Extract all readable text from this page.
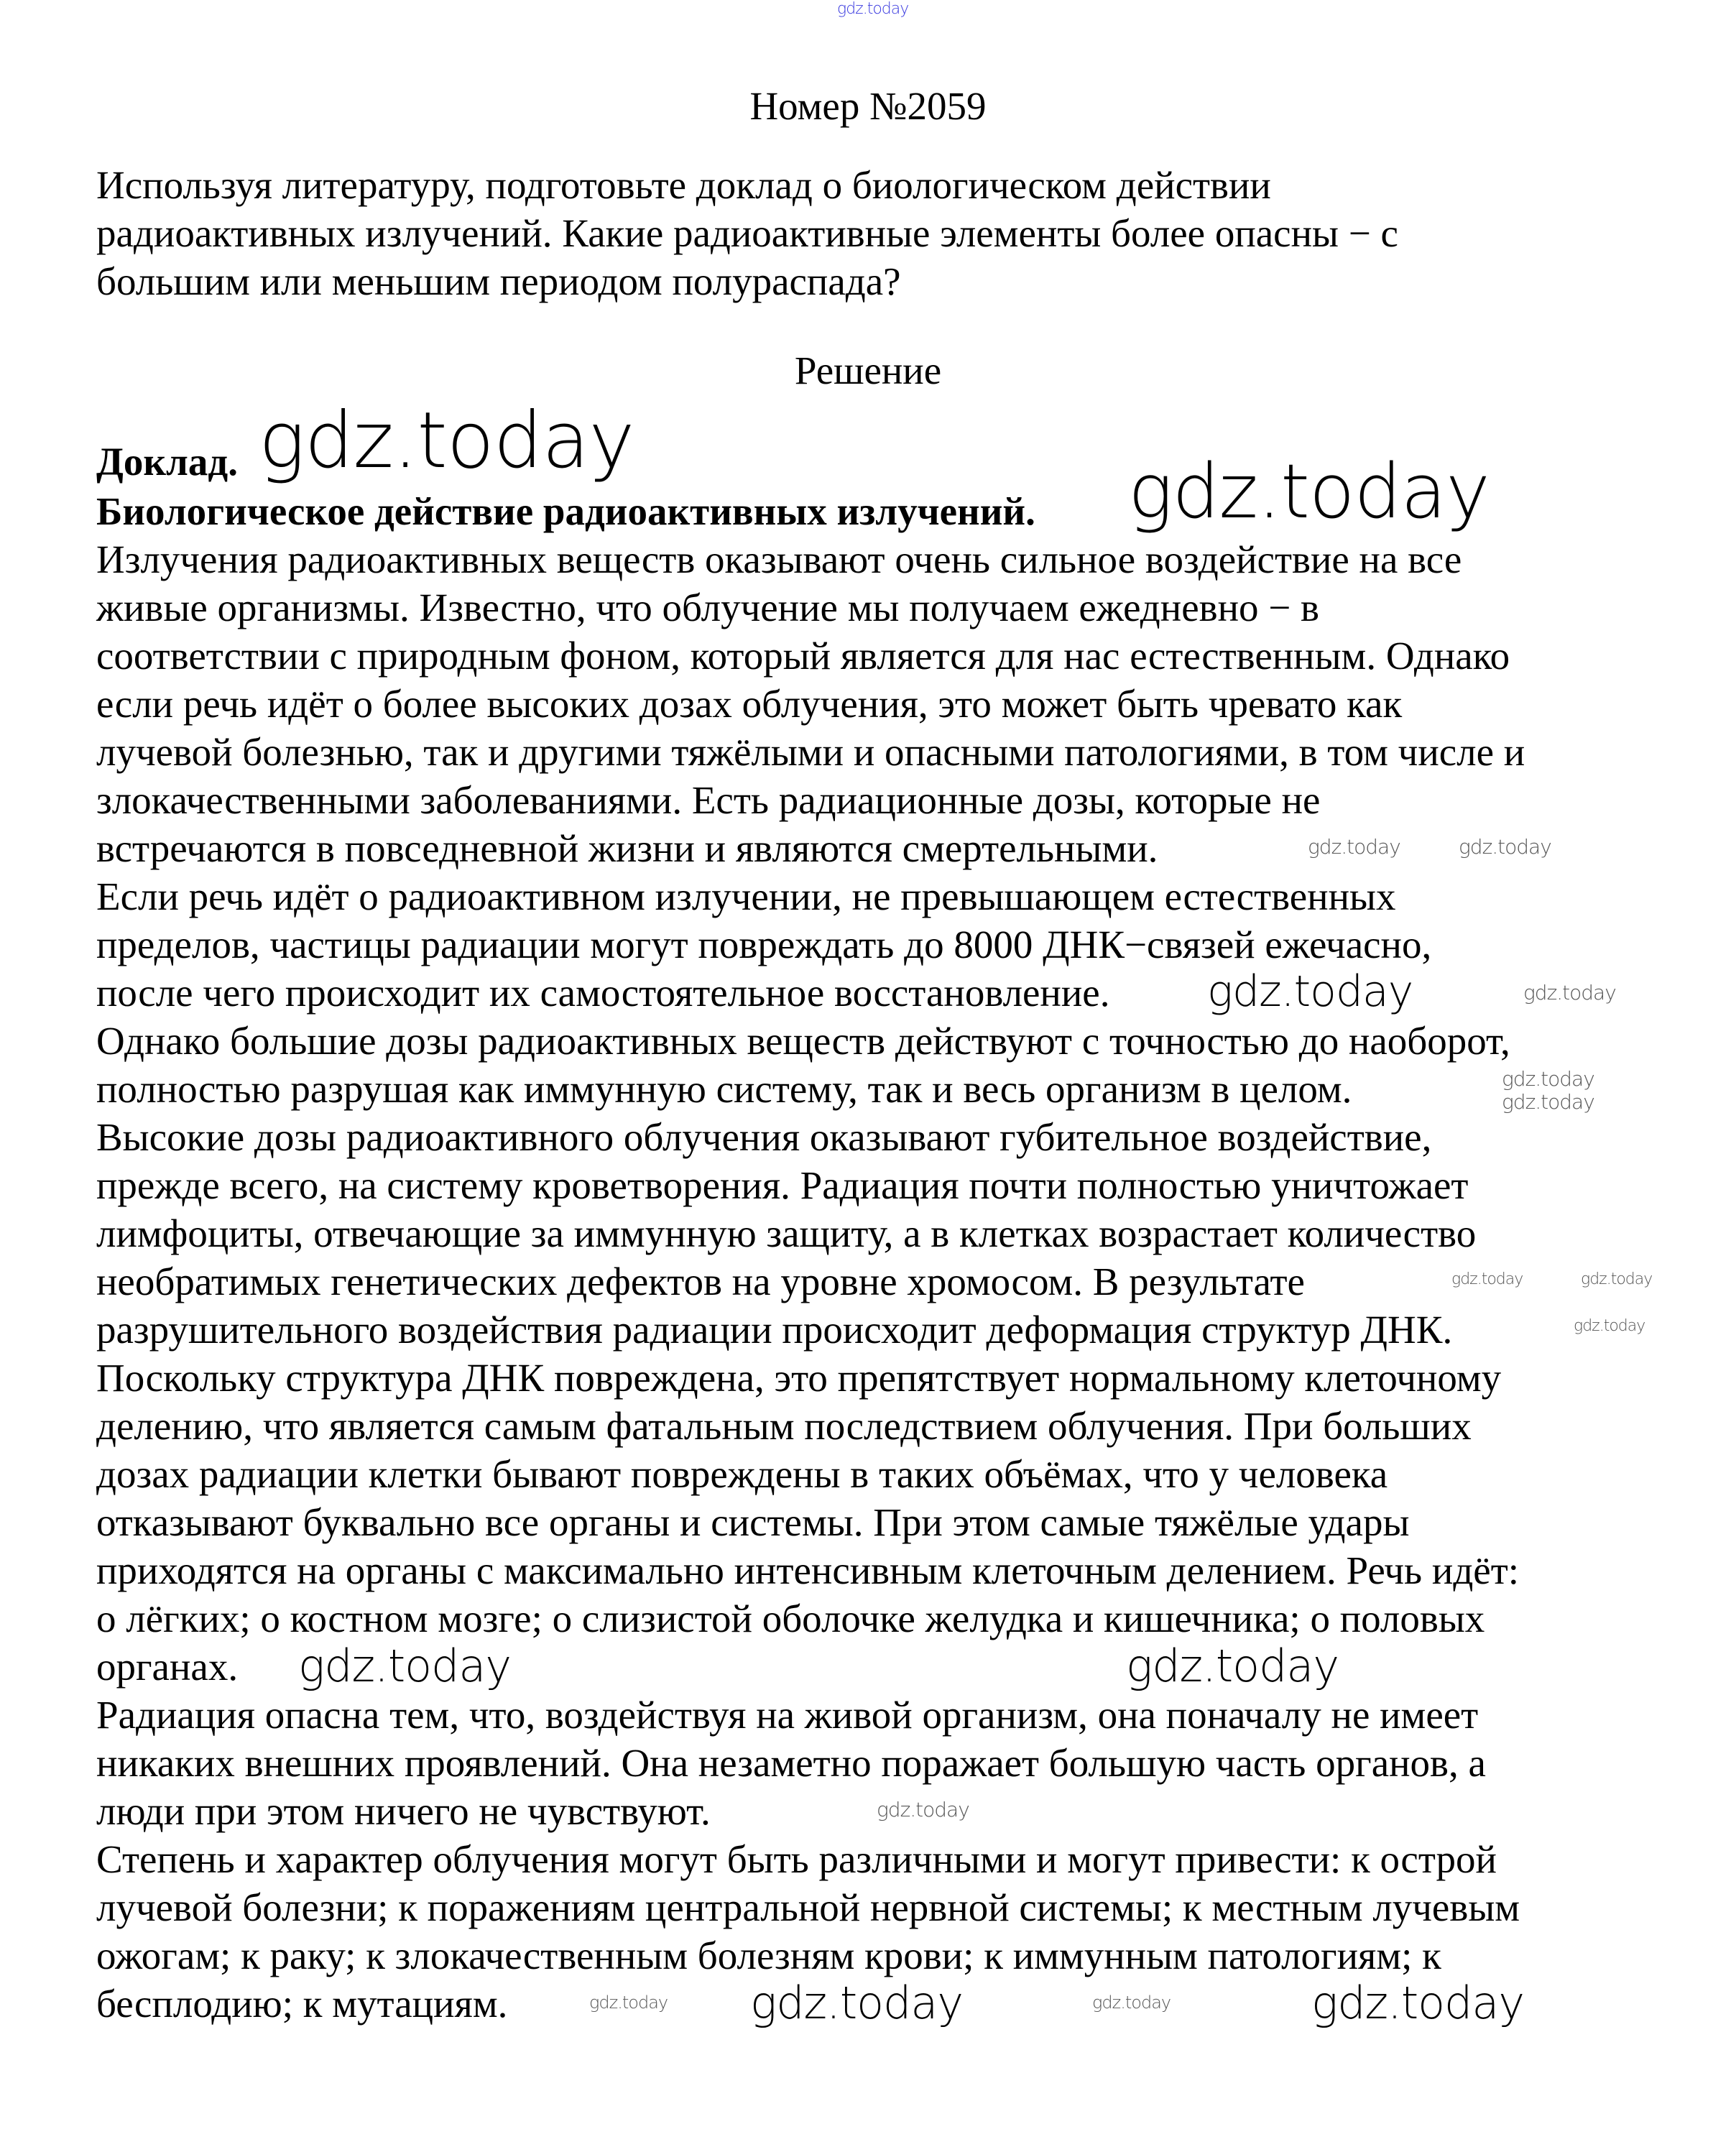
gdz.today
Номер №2059
Используя литературу, подготовьте доклад о биологическом действии
радиоактивных излучений. Какие радиоактивные элементы более опасны − с
большим или меньшим периодом полураспада?
Решение
Доклад.
Биологическое действие радиоактивных излучений.
Излучения радиоактивных веществ оказывают очень сильное воздействие на все
живые организмы. Известно, что облучение мы получаем ежедневно − в
соответствии с природным фоном, который является для нас естественным. Однако
если речь идёт о более высоких дозах облучения, это может быть чревато как
лучевой болезнью, так и другими тяжёлыми и опасными патологиями, в том числе и
злокачественными заболеваниями. Есть радиационные дозы, которые не
встречаются в повседневной жизни и являются смертельными.
Если речь идёт о радиоактивном излучении, не превышающем естественных
пределов, частицы радиации могут повреждать до 8000 ДНК−связей ежечасно,
после чего происходит их самостоятельное восстановление.
Однако большие дозы радиоактивных веществ действуют с точностью до наоборот,
полностью разрушая как иммунную систему, так и весь организм в целом.
Высокие дозы радиоактивного облучения оказывают губительное воздействие,
прежде всего, на систему кроветворения. Радиация почти полностью уничтожает
лимфоциты, отвечающие за иммунную защиту, а в клетках возрастает количество
необратимых генетических дефектов на уровне хромосом. В результате
разрушительного воздействия радиации происходит деформация структур ДНК.
Поскольку структура ДНК повреждена, это препятствует нормальному клеточному
делению, что является самым фатальным последствием облучения. При больших
дозах радиации клетки бывают повреждены в таких объёмах, что у человека
отказывают буквально все органы и системы. При этом самые тяжёлые удары
приходятся на органы с максимально интенсивным клеточным делением. Речь идёт:
о лёгких; о костном мозге; о слизистой оболочке желудка и кишечника; о половых
органах.
Радиация опасна тем, что, воздействуя на живой организм, она поначалу не имеет
никаких внешних проявлений. Она незаметно поражает большую часть органов, а
люди при этом ничего не чувствуют.
Степень и характер облучения могут быть различными и могут привести: к острой
лучевой болезни; к поражениям центральной нервной системы; к местным лучевым
ожогам; к раку; к злокачественным болезням крови; к иммунным патологиям; к
бесплодию; к мутациям.
gdz.today
gdz.today
gdz.today
gdz.today	gdz.today
gdz.today	gdz.today
gdz.today
gdz.today
gdz.today
gdz.today	gdz.today
gdz.today	gdz.today
gdz.today
gdz.today
gdz.today	gdz.today
